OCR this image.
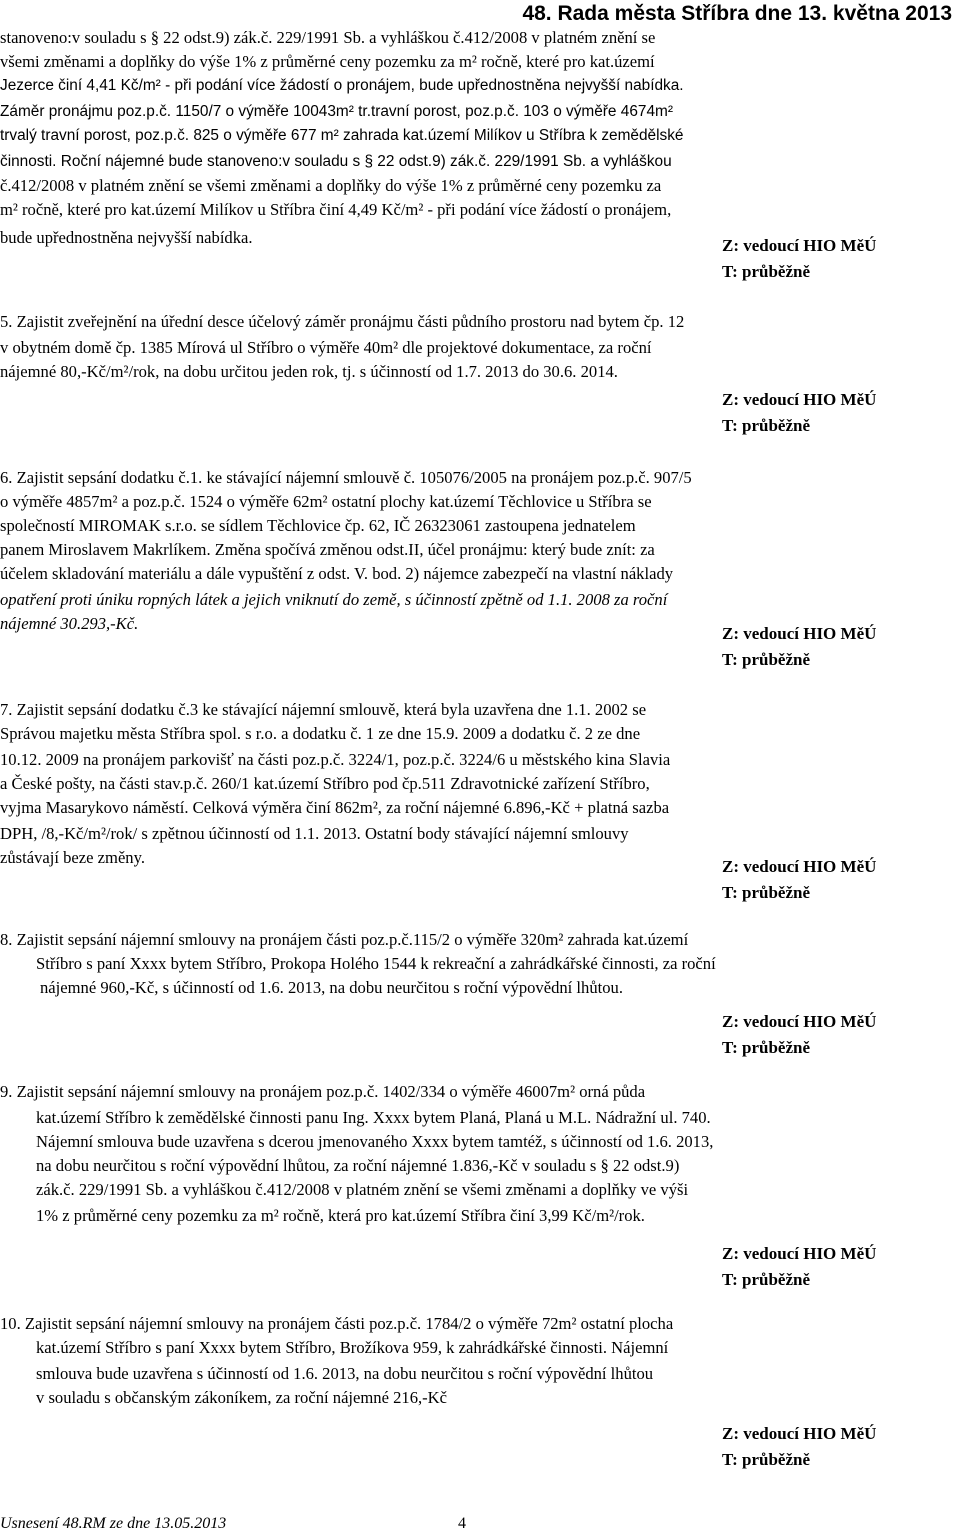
48. Rada města Stříbra dne 13. května 2013
stanoveno:v souladu s § 22 odst.9) zák.č. 229/1991 Sb. a vyhláškou č.412/2008 v platném znění se
všemi změnami a doplňky do výše 1% z průměrné ceny pozemku za m² ročně, které pro kat.území
Jezerce činí 4,41 Kč/m² - při podání více žádostí o pronájem, bude upřednostněna nejvyšší nabídka.
Záměr pronájmu poz.p.č. 1150/7 o výměře 10043m² tr.travní porost, poz.p.č. 103 o výměře 4674m²
trvalý travní porost, poz.p.č. 825 o výměře 677 m² zahrada kat.území Milíkov u Stříbra k zemědělské
činnosti. Roční nájemné bude stanoveno:v souladu s § 22 odst.9) zák.č. 229/1991 Sb. a vyhláškou
č.412/2008 v platném znění se všemi změnami a doplňky do výše 1% z průměrné ceny pozemku za
m² ročně, které pro kat.území Milíkov u Stříbra činí 4,49 Kč/m² - při podání více žádostí o pronájem,
bude upřednostněna nejvyšší nabídka.
5. Zajistit zveřejnění na úřední desce účelový záměr pronájmu části půdního prostoru nad bytem čp. 12
v obytném domě čp. 1385 Mírová ul Stříbro o výměře 40m² dle projektové dokumentace, za roční
nájemné 80,-Kč/m²/rok, na dobu určitou jeden rok, tj. s účinností od 1.7. 2013 do 30.6. 2014.
6. Zajistit sepsání dodatku č.1. ke stávající nájemní smlouvě č. 105076/2005 na pronájem poz.p.č. 907/5
o výměře 4857m² a poz.p.č. 1524 o výměře 62m² ostatní plochy kat.území Těchlovice u Stříbra se
společností MIROMAK s.r.o. se sídlem Těchlovice čp. 62, IČ 26323061 zastoupena jednatelem
panem Miroslavem Makrlíkem. Změna spočívá změnou odst.II, účel pronájmu: který bude znít: za
účelem skladování materiálu a dále vypuštění z odst. V. bod. 2) nájemce zabezpečí na vlastní náklady
opatření proti úniku ropných látek a jejich vniknutí do země, s účinností zpětně od 1.1. 2008 za roční
nájemné 30.293,-Kč.
7. Zajistit sepsání dodatku č.3 ke stávající nájemní smlouvě, která byla uzavřena dne 1.1. 2002 se
Správou majetku města Stříbra spol. s r.o. a dodatku č. 1 ze dne 15.9. 2009 a dodatku č. 2 ze dne
10.12. 2009 na pronájem parkovišť na části poz.p.č. 3224/1, poz.p.č. 3224/6 u městského kina Slavia
a České pošty, na části stav.p.č. 260/1 kat.území Stříbro pod čp.511 Zdravotnické zařízení Stříbro,
vyjma Masarykovo náměstí. Celková výměra činí 862m², za roční nájemné 6.896,-Kč + platná sazba
DPH, /8,-Kč/m²/rok/ s zpětnou účinností od 1.1. 2013. Ostatní body stávající nájemní smlouvy
zůstávají beze změny.
8. Zajistit sepsání nájemní smlouvy na pronájem části poz.p.č.115/2 o výměře 320m² zahrada kat.území
Stříbro s paní Xxxx bytem Stříbro, Prokopa Holého 1544 k rekreační a zahrádkářské činnosti, za roční
nájemné 960,-Kč, s účinností od 1.6. 2013, na dobu neurčitou s roční výpovědní lhůtou.
9. Zajistit sepsání nájemní smlouvy na pronájem poz.p.č. 1402/334 o výměře 46007m² orná půda
kat.území Stříbro k zemědělské činnosti panu Ing. Xxxx bytem Planá, Planá u M.L. Nádražní ul. 740.
Nájemní smlouva bude uzavřena s dcerou jmenovaného Xxxx bytem tamtéž, s účinností od 1.6. 2013,
na dobu neurčitou s roční výpovědní lhůtou, za roční nájemné 1.836,-Kč v souladu s § 22 odst.9)
zák.č. 229/1991 Sb. a vyhláškou č.412/2008 v platném znění se všemi změnami a doplňky ve výši
1% z průměrné ceny pozemku za m² ročně, která pro kat.území Stříbra činí 3,99 Kč/m²/rok.
10. Zajistit sepsání nájemní smlouvy na pronájem části poz.p.č. 1784/2 o výměře 72m² ostatní plocha
kat.území Stříbro s paní Xxxx bytem Stříbro, Brožíkova 959, k zahrádkářské činnosti. Nájemní
smlouva bude uzavřena s účinností od 1.6. 2013, na dobu neurčitou s roční výpovědní lhůtou
v souladu s občanským zákoníkem, za roční nájemné 216,-Kč
Z: vedoucí HIO MěÚ
T: průběžně
Z: vedoucí HIO MěÚ
T: průběžně
Z: vedoucí HIO MěÚ
T: průběžně
Z: vedoucí HIO MěÚ
T: průběžně
Z: vedoucí HIO MěÚ
T: průběžně
Z: vedoucí HIO MěÚ
T: průběžně
Z: vedoucí HIO MěÚ
T: průběžně
Usnesení 48.RM ze dne 13.05.2013	4
